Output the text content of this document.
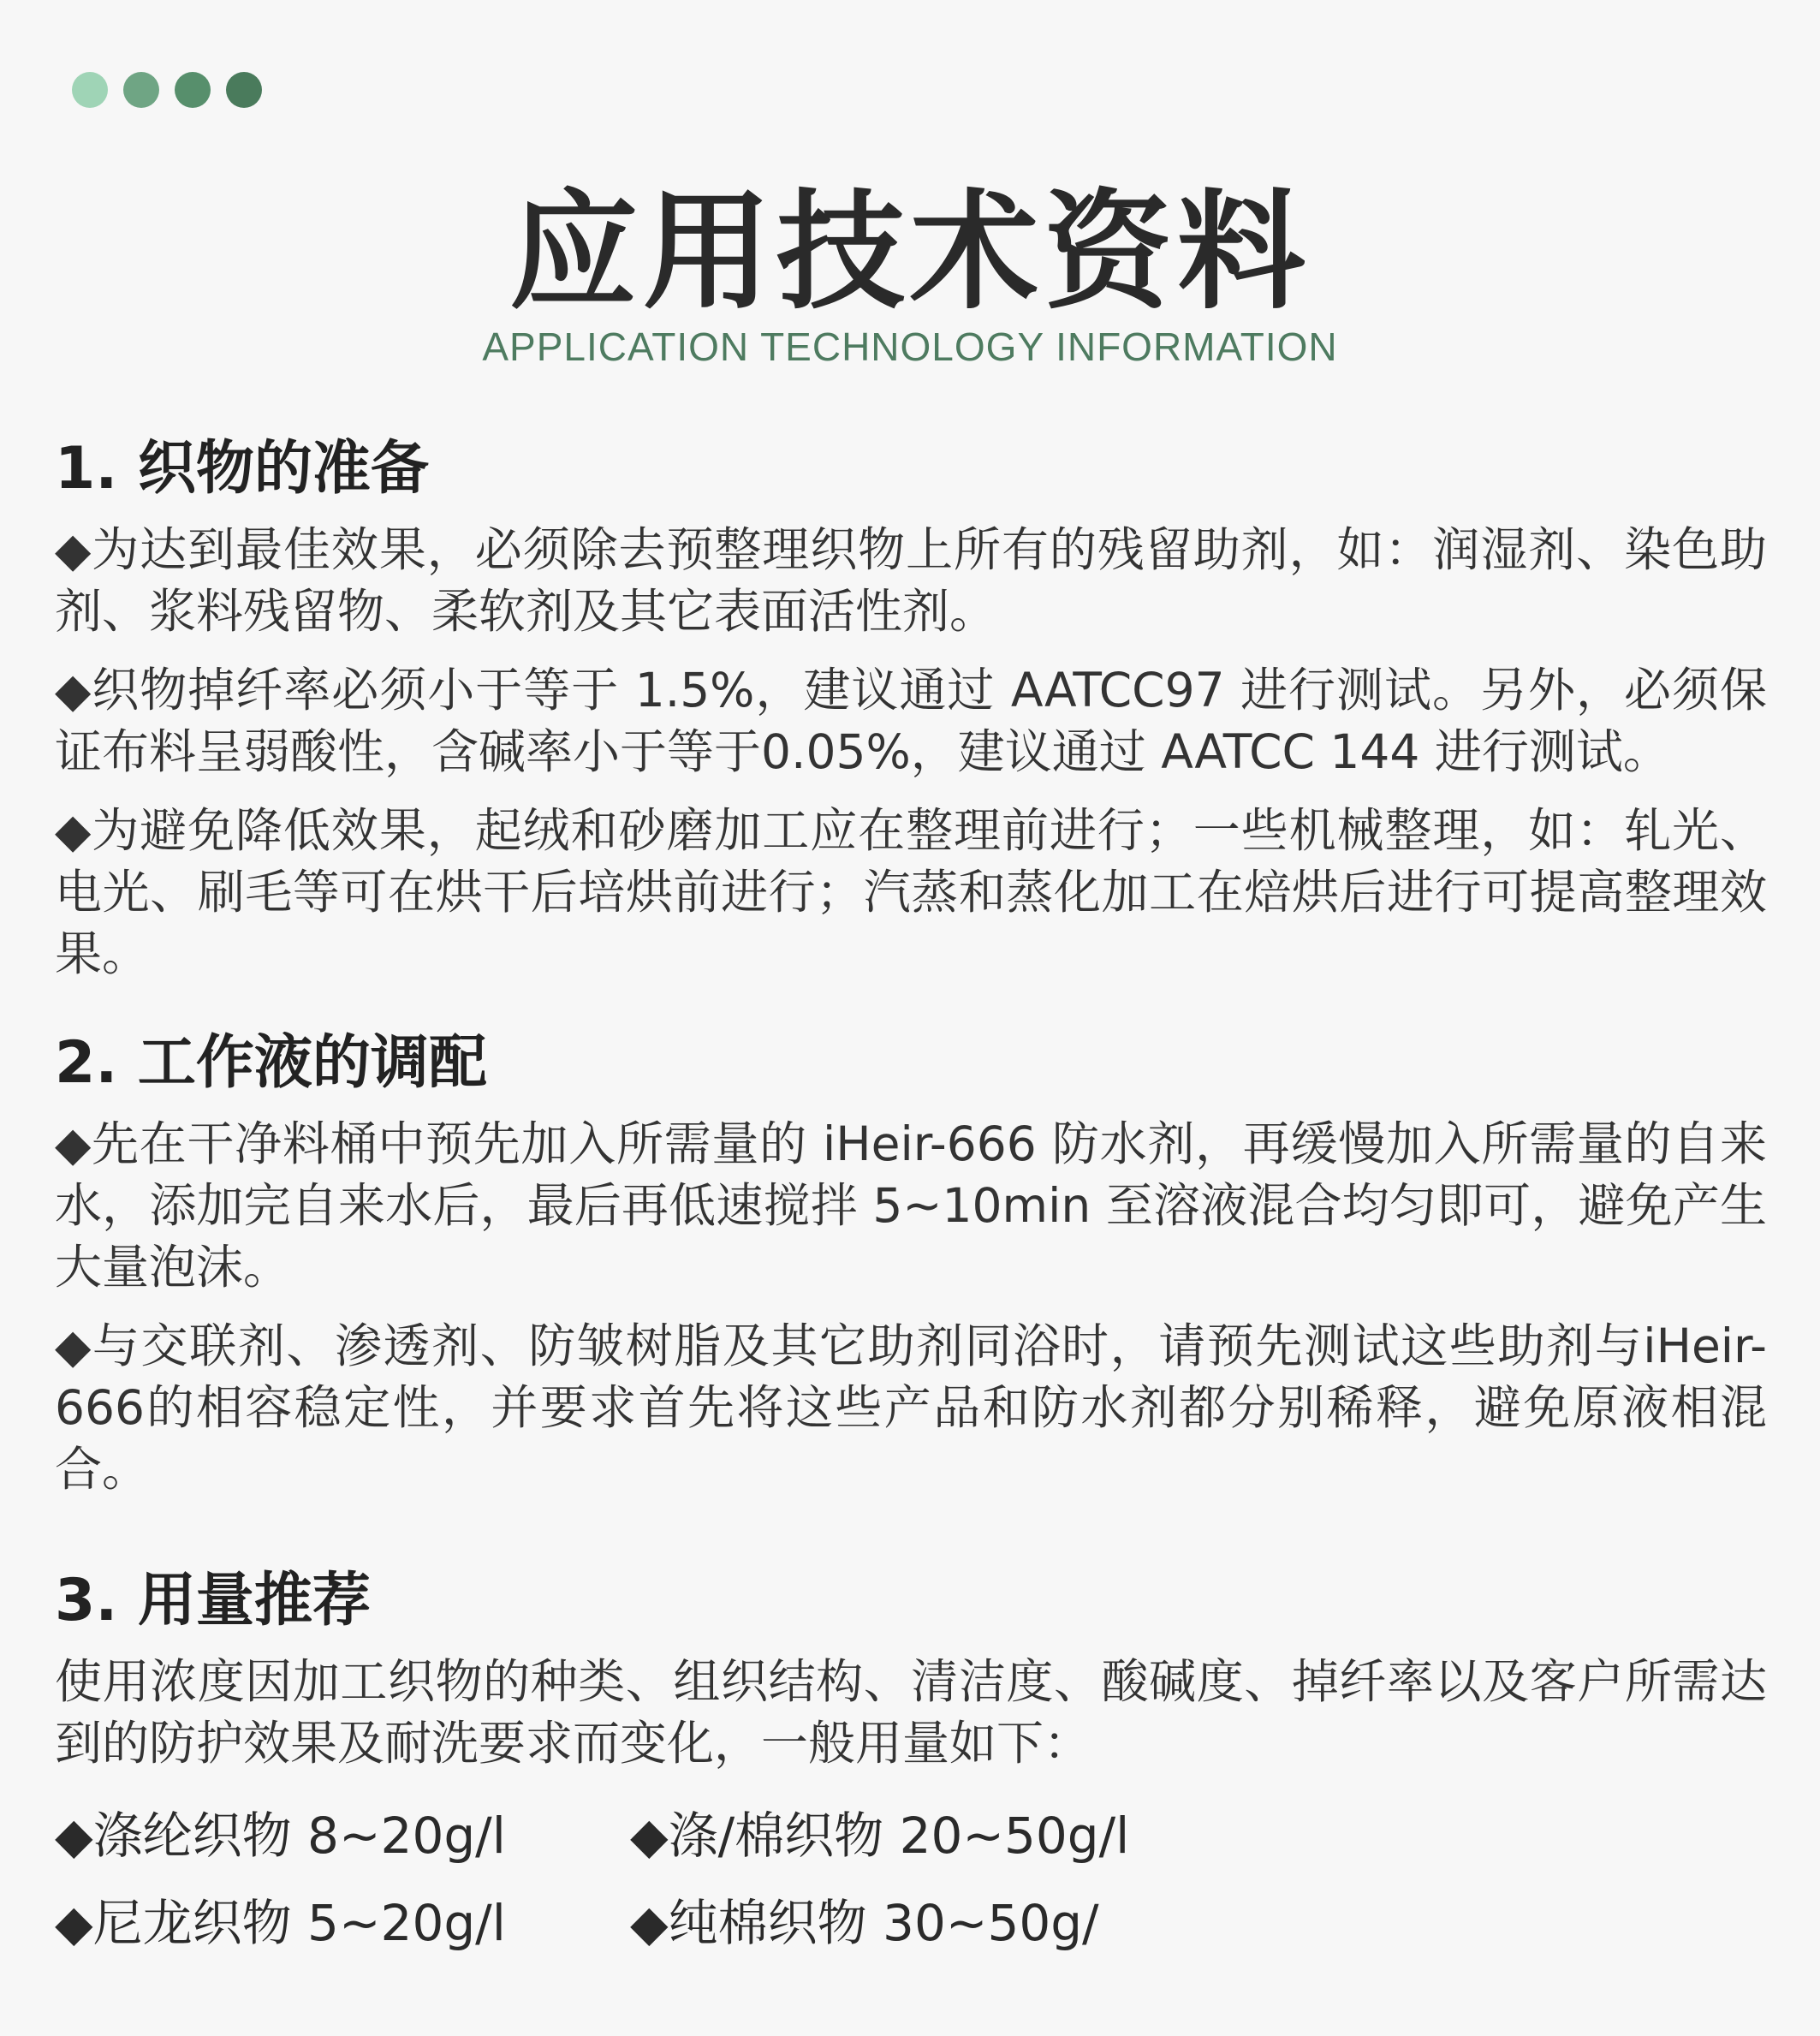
应用技术资料
APPLICATION TECHNOLOGY INFORMATION
1. 织物的准备
◆为达到最佳效果，必须除去预整理织物上所有的残留助剂，如：润湿剂、染色助剂、浆料残留物、柔软剂及其它表面活性剂。
◆织物掉纤率必须小于等于 1.5%，建议通过 AATCC97 进行测试。另外，必须保证布料呈弱酸性，含碱率小于等于0.05%，建议通过 AATCC 144 进行测试。
◆为避免降低效果，起绒和砂磨加工应在整理前进行；一些机械整理，如：轧光、电光、刷毛等可在烘干后培烘前进行；汽蒸和蒸化加工在焙烘后进行可提高整理效果。
2. 工作液的调配
◆先在干净料桶中预先加入所需量的 iHeir-666 防水剂，再缓慢加入所需量的自来水，添加完自来水后，最后再低速搅拌 5~10min 至溶液混合均匀即可，避免产生大量泡沫。
◆与交联剂、渗透剂、防皱树脂及其它助剂同浴时，请预先测试这些助剂与iHeir-666的相容稳定性，并要求首先将这些产品和防水剂都分别稀释，避免原液相混合。
3. 用量推荐
使用浓度因加工织物的种类、组织结构、清洁度、酸碱度、掉纤率以及客户所需达到的防护效果及耐洗要求而变化，一般用量如下：
◆涤纶织物 8~20g/l	◆涤/棉织物 20~50g/l
◆尼龙织物 5~20g/l	◆纯棉织物 30~50g/
